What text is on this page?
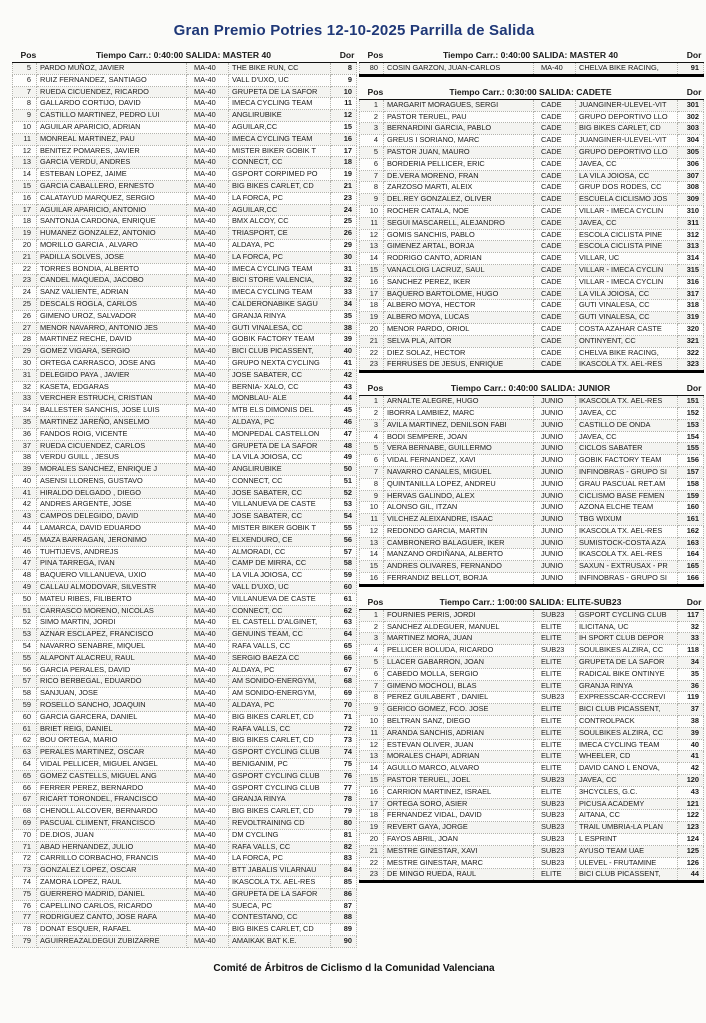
Gran Premio Potries 12-10-2025 Parrilla de Salida
Pos	Tiempo Carr.: 0:40:00 SALIDA: MASTER 40			Dor
5	PARDO MUÑOZ, JAVIER	MA-40	THE BIKE RUN, CC	8
6	RUIZ FERNANDEZ, SANTIAGO	MA-40	VALL D'UXO, UC	9
7	RUEDA CICUENDEZ, RICARDO	MA-40	GRUPETA DE LA SAFOR	10
8	GALLARDO CORTIJO, DAVID	MA-40	IMECA CYCLING TEAM	11
9	CASTILLO MARTINEZ, PEDRO LUI	MA-40	ANGLIRUBIKE	12
10	AGUILAR APARICIO, ADRIAN	MA-40	AGUILAR,CC	15
11	MONREAL MARTINEZ, PAU	MA-40	IMECA CYCLING TEAM	16
12	BENITEZ POMARES, JAVIER	MA-40	MISTER BIKER GOBIK T	17
13	GARCIA VERDU, ANDRES	MA-40	CONNECT, CC	18
14	ESTEBAN LOPEZ, JAIME	MA-40	GSPORT CORPIMED PO	19
15	GARCIA CABALLERO, ERNESTO	MA-40	BIG BIKES CARLET, CD	21
16	CALATAYUD MARQUEZ, SERGIO	MA-40	LA FORCA, PC	23
17	AGUILAR APARICIO, ANTONIO	MA-40	AGUILAR,CC	24
18	SANTONJA CARDONA, ENRIQUE	MA-40	BMX ALCOY, CC	25
19	HUMANEZ GONZALEZ, ANTONIO	MA-40	TRIASPORT, CE	26
20	MORILLO GARCIA , ALVARO	MA-40	ALDAYA, PC	29
21	PADILLA SOLVES, JOSE	MA-40	LA FORCA, PC	30
22	TORRES BONDIA, ALBERTO	MA-40	IMECA CYCLING TEAM	31
23	CANDEL MAQUEDA, JACOBO	MA-40	BICI STORE VALENCIA,	32
24	SANZ VALIENTE, ADRIAN	MA-40	IMECA CYCLING TEAM	33
25	DESCALS ROGLA, CARLOS	MA-40	CALDERONABIKE SAGU	34
26	GIMENO UROZ, SALVADOR	MA-40	GRANJA RINYA	35
27	MENOR NAVARRO, ANTONIO JES	MA-40	GUTI VINALESA, CC	38
28	MARTINEZ RECHE, DAVID	MA-40	GOBIK FACTORY TEAM	39
29	GOMEZ VIGARA, SERGIO	MA-40	BICI CLUB PICASSENT,	40
30	ORTEGA CARRASCO, JOSE ANG	MA-40	GRUPO NEXTA CYCLING	41
31	DELEGIDO PAYA , JAVIER	MA-40	JOSE SABATER, CC	42
32	KASETA, EDGARAS	MA-40	BERNIA- XALO, CC	43
33	VERCHER ESTRUCH, CRISTIAN	MA-40	MONBLAU- ALE	44
34	BALLESTER SANCHIS, JOSE LUIS	MA-40	MTB ELS DIMONIS DEL	45
35	MARTINEZ JAREÑO, ANSELMO	MA-40	ALDAYA, PC	46
36	FANDOS ROIG, VICENTE	MA-40	MONPEDAL CASTELLON	47
37	RUEDA CICUENDEZ, CARLOS	MA-40	GRUPETA DE LA SAFOR	48
38	VERDU GUILL , JESUS	MA-40	LA VILA JOIOSA, CC	49
39	MORALES SANCHEZ, ENRIQUE J	MA-40	ANGLIRUBIKE	50
40	ASENSI LLORENS, GUSTAVO	MA-40	CONNECT, CC	51
41	HIRALDO DELGADO , DIEGO	MA-40	JOSE SABATER, CC	52
42	ANDRES ARGENTE, JOSE	MA-40	VILLANUEVA DE CASTE	53
43	CAMPOS DELEGIDO, DAVID	MA-40	JOSE SABATER, CC	54
44	LAMARCA, DAVID EDUARDO	MA-40	MISTER BIKER GOBIK T	55
45	MAZA BARRAGAN, JERONIMO	MA-40	ELXENDURO, CE	56
46	TUHTIJEVS, ANDREJS	MA-40	ALMORADI, CC	57
47	PINA TARREGA, IVAN	MA-40	CAMP DE MIRRA, CC	58
48	BAQUERO VILLANUEVA, UXIO	MA-40	LA VILA JOIOSA, CC	59
49	CALLAU ALMODOVAR, SILVESTR	MA-40	VALL D'UXO, UC	60
50	MATEU RIBES, FILIBERTO	MA-40	VILLANUEVA DE CASTE	61
51	CARRASCO MORENO, NICOLAS	MA-40	CONNECT, CC	62
52	SIMO MARTIN, JORDI	MA-40	EL CASTELL D'ALGINET,	63
53	AZNAR ESCLAPEZ, FRANCISCO	MA-40	GENUINS TEAM, CC	64
54	NAVARRO SENABRE, MIQUEL	MA-40	RAFA VALLS, CC	65
55	ALAPONT ALACREU, RAUL	MA-40	SERGIO BAEZA CC	66
56	GARCIA PERALES, DAVID	MA-40	ALDAYA, PC	67
57	RICO BERBEGAL, EDUARDO	MA-40	AM SONIDO-ENERGYM,	68
58	SANJUAN, JOSE	MA-40	AM SONIDO-ENERGYM,	69
59	ROSELLO SANCHO, JOAQUIN	MA-40	ALDAYA, PC	70
60	GARCIA GARCERA, DANIEL	MA-40	BIG BIKES CARLET, CD	71
61	BRIET REIG, DANIEL	MA-40	RAFA VALLS, CC	72
62	BOU ORTEGA, MARIO	MA-40	BIG BIKES CARLET, CD	73
63	PERALES MARTINEZ, OSCAR	MA-40	GSPORT CYCLING CLUB	74
64	VIDAL PELLICER, MIGUEL ANGEL	MA-40	BENIGANIM, PC	75
65	GOMEZ CASTELLS, MIGUEL ANG	MA-40	GSPORT CYCLING CLUB	76
66	FERRER PEREZ, BERNARDO	MA-40	GSPORT CYCLING CLUB	77
67	RICART TORONDEL, FRANCISCO	MA-40	GRANJA RINYA	78
68	CHENOLL ALCOVER, BERNARDO	MA-40	BIG BIKES CARLET, CD	79
69	PASCUAL CLIMENT, FRANCISCO	MA-40	REVOLTRAINING CD	80
70	DE.DIOS, JUAN	MA-40	DM CYCLING	81
71	ABAD HERNANDEZ, JULIO	MA-40	RAFA VALLS, CC	82
72	CARRILLO CORBACHO, FRANCIS	MA-40	LA FORCA, PC	83
73	GONZALEZ LOPEZ, OSCAR	MA-40	BTT JABALIS VILARNAU	84
74	ZAMORA LOPEZ, RAUL	MA-40	IKASCOLA TX. AEL-RES	85
75	GUERRERO MADRID, DANIEL	MA-40	GRUPETA DE LA SAFOR	86
76	CAPELLINO CARLOS, RICARDO	MA-40	SUECA, PC	87
77	RODRIGUEZ CANTO, JOSE RAFA	MA-40	CONTESTANO, CC	88
78	DONAT ESQUER, RAFAEL	MA-40	BIG BIKES CARLET, CD	89
79	AGUIRREAZALDEGUI ZUBIZARRE	MA-40	AMAIKAK BAT K.E.	90
Pos	Tiempo Carr.: 0:40:00 SALIDA: MASTER 40			Dor
80	COSIN GARZON, JUAN-CARLOS	MA-40	CHELVA BIKE RACING,	91
Pos	Tiempo Carr.: 0:30:00 SALIDA: CADETE			Dor
1	MARGARIT MORAGUES, SERGI	CADE	JUANGINER-ULEVEL-VIT	301
2	PASTOR TERUEL, PAU	CADE	GRUPO DEPORTIVO LLO	302
3	BERNARDINI GARCIA, PABLO	CADE	BIG BIKES CARLET, CD	303
4	GREUS I SORIANO, MARC	CADE	JUANGINER-ULEVEL-VIT	304
5	PASTOR JUAN, MAURO	CADE	GRUPO DEPORTIVO LLO	305
6	BORDERIA PELLICER, ERIC	CADE	JAVEA, CC	306
7	DE.VERA MORENO, FRAN	CADE	LA VILA JOIOSA, CC	307
8	ZARZOSO MARTI, ALEIX	CADE	GRUP DOS RODES, CC	308
9	DEL.REY GONZALEZ, OLIVER	CADE	ESCUELA CICLISMO JOS	309
10	ROCHER CATALA, NOE	CADE	VILLAR - IMECA CYCLIN	310
11	SEGUI MASCARELL, ALEJANDRO	CADE	JAVEA, CC	311
12	GOMIS SANCHIS, PABLO	CADE	ESCOLA CICLISTA PINE	312
13	GIMENEZ ARTAL, BORJA	CADE	ESCOLA CICLISTA PINE	313
14	RODRIGO CANTO, ADRIAN	CADE	VILLAR, UC	314
15	VANACLOIG LACRUZ, SAUL	CADE	VILLAR - IMECA CYCLIN	315
16	SANCHEZ PEREZ, IKER	CADE	VILLAR - IMECA CYCLIN	316
17	BAQUERO BARTOLOME, HUGO	CADE	LA VILA JOIOSA, CC	317
18	ALBERO MOYA, HECTOR	CADE	GUTI VINALESA, CC	318
19	ALBERO MOYA, LUCAS	CADE	GUTI VINALESA, CC	319
20	MENOR PARDO, ORIOL	CADE	COSTA AZAHAR CASTE	320
21	SELVA PLA, AITOR	CADE	ONTINYENT, CC	321
22	DIEZ SOLAZ, HECTOR	CADE	CHELVA BIKE RACING,	322
23	FERRUSES DE JESUS, ENRIQUE	CADE	IKASCOLA TX. AEL-RES	323
Pos	Tiempo Carr.: 0:40:00 SALIDA: JUNIOR			Dor
1	ARNALTE ALEGRE, HUGO	JUNIO	IKASCOLA TX. AEL-RES	151
2	IBORRA LAMBIEZ, MARC	JUNIO	JAVEA, CC	152
3	AVILA MARTINEZ, DENILSON FABI	JUNIO	CASTILLO DE ONDA	153
4	BODI SEMPERE, JOAN	JUNIO	JAVEA, CC	154
5	VERA BERNABE, GUILLERMO	JUNIO	CICLOS SABATER	155
6	VIDAL FERNANDEZ, XAVI	JUNIO	GOBIK FACTORY TEAM	156
7	NAVARRO CANALES, MIGUEL	JUNIO	INFINOBRAS - GRUPO SI	157
8	QUINTANILLA LOPEZ, ANDREU	JUNIO	GRAU PASCUAL RET.AM	158
9	HERVAS GALINDO, ALEX	JUNIO	CICLISMO BASE FEMEN	159
10	ALONSO GIL, ITZAN	JUNIO	AZONA ELCHE TEAM	160
11	VILCHEZ ALEIXANDRE, ISAAC	JUNIO	TBG WIXUM	161
12	REDONDO GARCIA, MARTIN	JUNIO	IKASCOLA TX. AEL-RES	162
13	CAMBRONERO BALAGUER, IKER	JUNIO	SUMISTOCK-COSTA AZA	163
14	MANZANO ORDIÑANA, ALBERTO	JUNIO	IKASCOLA TX. AEL-RES	164
15	ANDRES OLIVARES, FERNANDO	JUNIO	SAXUN - EXTRUSAX - PR	165
16	FERRANDIZ BELLOT, BORJA	JUNIO	INFINOBRAS - GRUPO SI	166
Pos	Tiempo Carr.: 1:00:00 SALIDA: ELITE-SUB23			Dor
1	FOURNIES PERIS, JORDI	SUB23	GSPORT CYCLING CLUB	117
2	SANCHEZ ALDEGUER, MANUEL	ELITE	ILICITANA, UC	32
3	MARTINEZ MORA, JUAN	ELITE	IH SPORT CLUB DEPOR	33
4	PELLICER BOLUDA, RICARDO	SUB23	SOULBIKES ALZIRA, CC	118
5	LLACER GABARRON, JOAN	ELITE	GRUPETA DE LA SAFOR	34
6	CABEDO MOLLA, SERGIO	ELITE	RADICAL BIKE ONTINYE	35
7	GIMENO MOCHOLI, BLAS	ELITE	GRANJA RINYA	36
8	PEREZ GUILABERT , DANIEL	SUB23	EXPRESSCAR-CCCREVI	119
9	GERICO GOMEZ, FCO. JOSE	ELITE	BICI CLUB PICASSENT,	37
10	BELTRAN SANZ, DIEGO	ELITE	CONTROLPACK	38
11	ARANDA SANCHIS, ADRIAN	ELITE	SOULBIKES ALZIRA, CC	39
12	ESTEVAN OLIVER, JUAN	ELITE	IMECA CYCLING TEAM	40
13	MORALES CHAPI, ADRIAN	ELITE	WHEELER, CD	41
14	AGULLO MARCO, ALVARO	ELITE	DAVID CANO L ENOVA,	42
15	PASTOR TERUEL, JOEL	SUB23	JAVEA, CC	120
16	CARRION MARTINEZ, ISRAEL	ELITE	3HCYCLES, G.C.	43
17	ORTEGA SORO, ASIER	SUB23	PICUSA ACADEMY	121
18	FERNANDEZ VIDAL, DAVID	SUB23	AITANA, CC	122
19	REVERT GAYA, JORGE	SUB23	TRAIL UMBRIA-LA PLAN	123
20	FAYOS ABRIL, JOAN	SUB23	L ESPRINT	124
21	MESTRE GINESTAR, XAVI	SUB23	AYUSO TEAM UAE	125
22	MESTRE GINESTAR, MARC	SUB23	ULEVEL - FRUTAMINE	126
23	DE MINGO RUEDA, RAUL	ELITE	BICI CLUB PICASSENT,	44
Comité de Árbitros de Ciclismo d la Comunidad Valenciana
